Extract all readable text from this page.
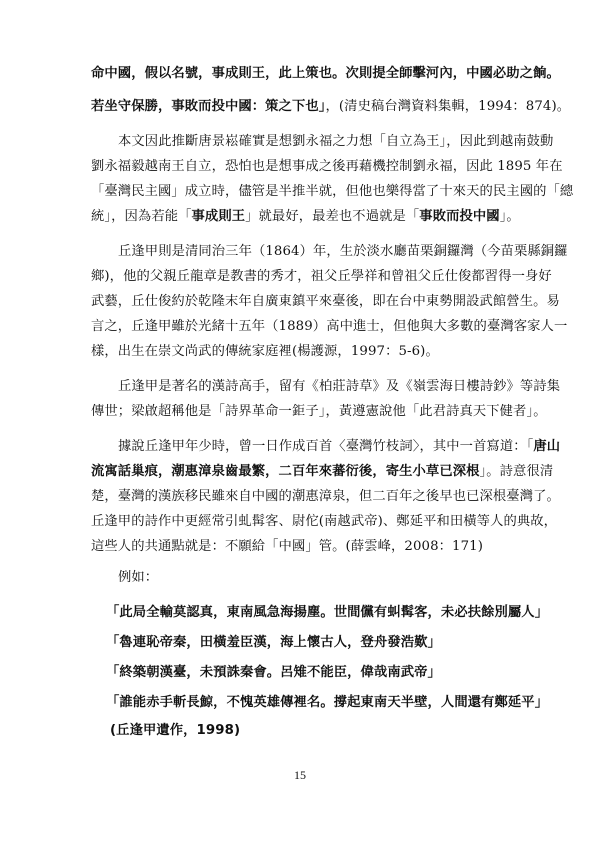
命中國，假以名號，事成則王，此上策也。次則提全師擊河內，中國必助之餉。
若坐守保勝，事敗而投中國：策之下也」，(清史稿台灣資料集輯，1994：874)。
本文因此推斷唐景崧確實是想劉永福之力想「自立為王」，因此到越南鼓動
劉永福毅越南王自立，恐怕也是想事成之後再藉機控制劉永福，因此 1895 年在
「臺灣民主國」成立時，儘管是半推半就，但他也樂得當了十來天的民主國的「總
統」，因為若能「事成則王」就最好，最差也不過就是「事敗而投中國」。
丘逢甲則是清同治三年（1864）年，生於淡水廳苗栗銅鑼灣（今苗栗縣銅鑼
鄉)，他的父親丘龍章是教書的秀才，祖父丘學祥和曾祖父丘仕俊都習得一身好
武藝，丘仕俊約於乾隆末年自廣東鎮平來臺後，即在台中東勢開設武館營生。易
言之，丘逢甲雖於光緒十五年（1889）高中進士，但他與大多數的臺灣客家人一
樣，出生在崇文尚武的傳統家庭裡(楊護源，1997：5-6)。
丘逢甲是著名的漢詩高手，留有《柏莊詩草》及《嶺雲海日樓詩鈔》等詩集
傳世；梁啟超稱他是「詩界革命一鉅子」，黃遵憲說他「此君詩真天下健者」。
據說丘逢甲年少時，曾一日作成百首〈臺灣竹枝詞〉，其中一首寫道：「唐山
流寓話巢痕，潮惠漳泉齒最繁，二百年來蕃衍後，寄生小草已深根」。詩意很清
楚，臺灣的漢族移民雖來自中國的潮惠漳泉，但二百年之後早也已深根臺灣了。
丘逢甲的詩作中更經常引虬髯客、尉佗(南越武帝)、鄭延平和田橫等人的典故，
這些人的共通點就是：不願給「中國」管。(薛雲峰，2008：171)
例如：
「此局全輸莫認真，東南風急海揚塵。世間儻有虯髯客，未必扶餘別屬人」
「魯連恥帝秦，田橫羞臣漢，海上懷古人，登舟發浩歎」
「終築朝漢臺，未預誅秦會。呂雉不能臣，偉哉南武帝」
「誰能赤手斬長鯨，不愧英雄傳裡名。撐起東南天半壁，人間還有鄭延平」
(丘逢甲遺作，1998)
15
